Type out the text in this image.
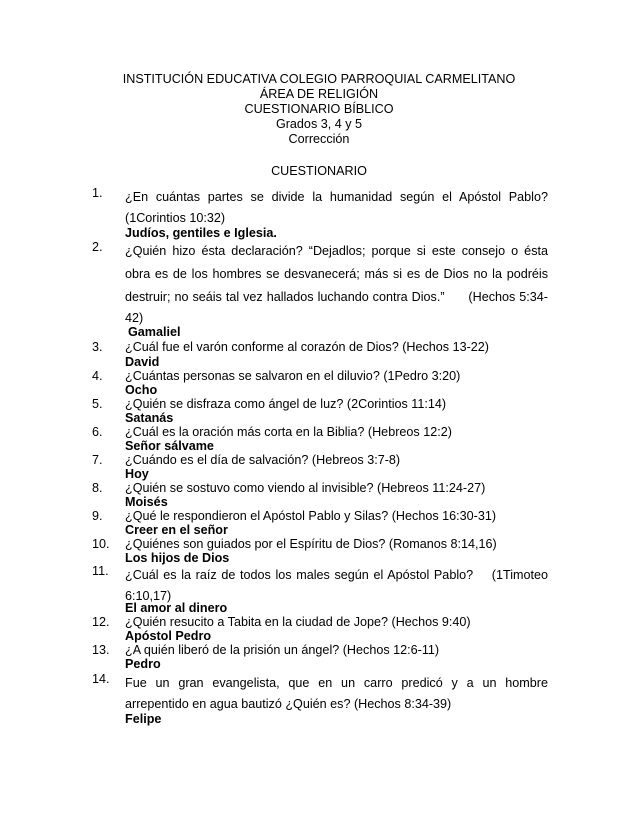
INSTITUCIÓN EDUCATIVA COLEGIO PARROQUIAL CARMELITANO
ÁREA DE RELIGIÓN
CUESTIONARIO BÍBLICO
Grados 3, 4 y 5
Corrección
CUESTIONARIO
1.	¿En cuántas partes se divide la humanidad según el Apóstol Pablo?
(1Corintios 10:32)
Judíos, gentiles e Iglesia.
2.	¿Quién hizo ésta declaración? “Dejadlos; porque si este consejo o ésta
obra es de los hombres se desvanecerá; más si es de Dios no la podréis
destruir; no seáis tal vez hallados luchando contra Dios.”      (Hechos 5:34-
42)
Gamaliel
3.	¿Cuál fue el varón conforme al corazón de Dios? (Hechos 13-22)
David
4.	¿Cuántas personas se salvaron en el diluvio? (1Pedro 3:20)
Ocho
5.	¿Quién se disfraza como ángel de luz? (2Corintios 11:14)
Satanás
6.	¿Cuál es la oración más corta en la Biblia? (Hebreos 12:2)
Señor sálvame
7.	¿Cuándo es el día de salvación? (Hebreos 3:7-8)
Hoy
8.	¿Quién se sostuvo como viendo al invisible? (Hebreos 11:24-27)
Moisés
9.	¿Qué le respondieron el Apóstol Pablo y Silas? (Hechos 16:30-31)
Creer en el señor
10.	¿Quiénes son guiados por el Espíritu de Dios? (Romanos 8:14,16)
Los hijos de Dios
11.	¿Cuál es la raíz de todos los males según el Apóstol Pablo?    (1Timoteo
6:10,17)
El amor al dinero
12.	¿Quién resucito a Tabita en la ciudad de Jope? (Hechos 9:40)
Apóstol Pedro
13.	¿A quién liberó de la prisión un ángel? (Hechos 12:6-11)
Pedro
14.	Fue un gran evangelista, que en un carro predicó y a un hombre
arrepentido en agua bautizó ¿Quién es? (Hechos 8:34-39)
Felipe
